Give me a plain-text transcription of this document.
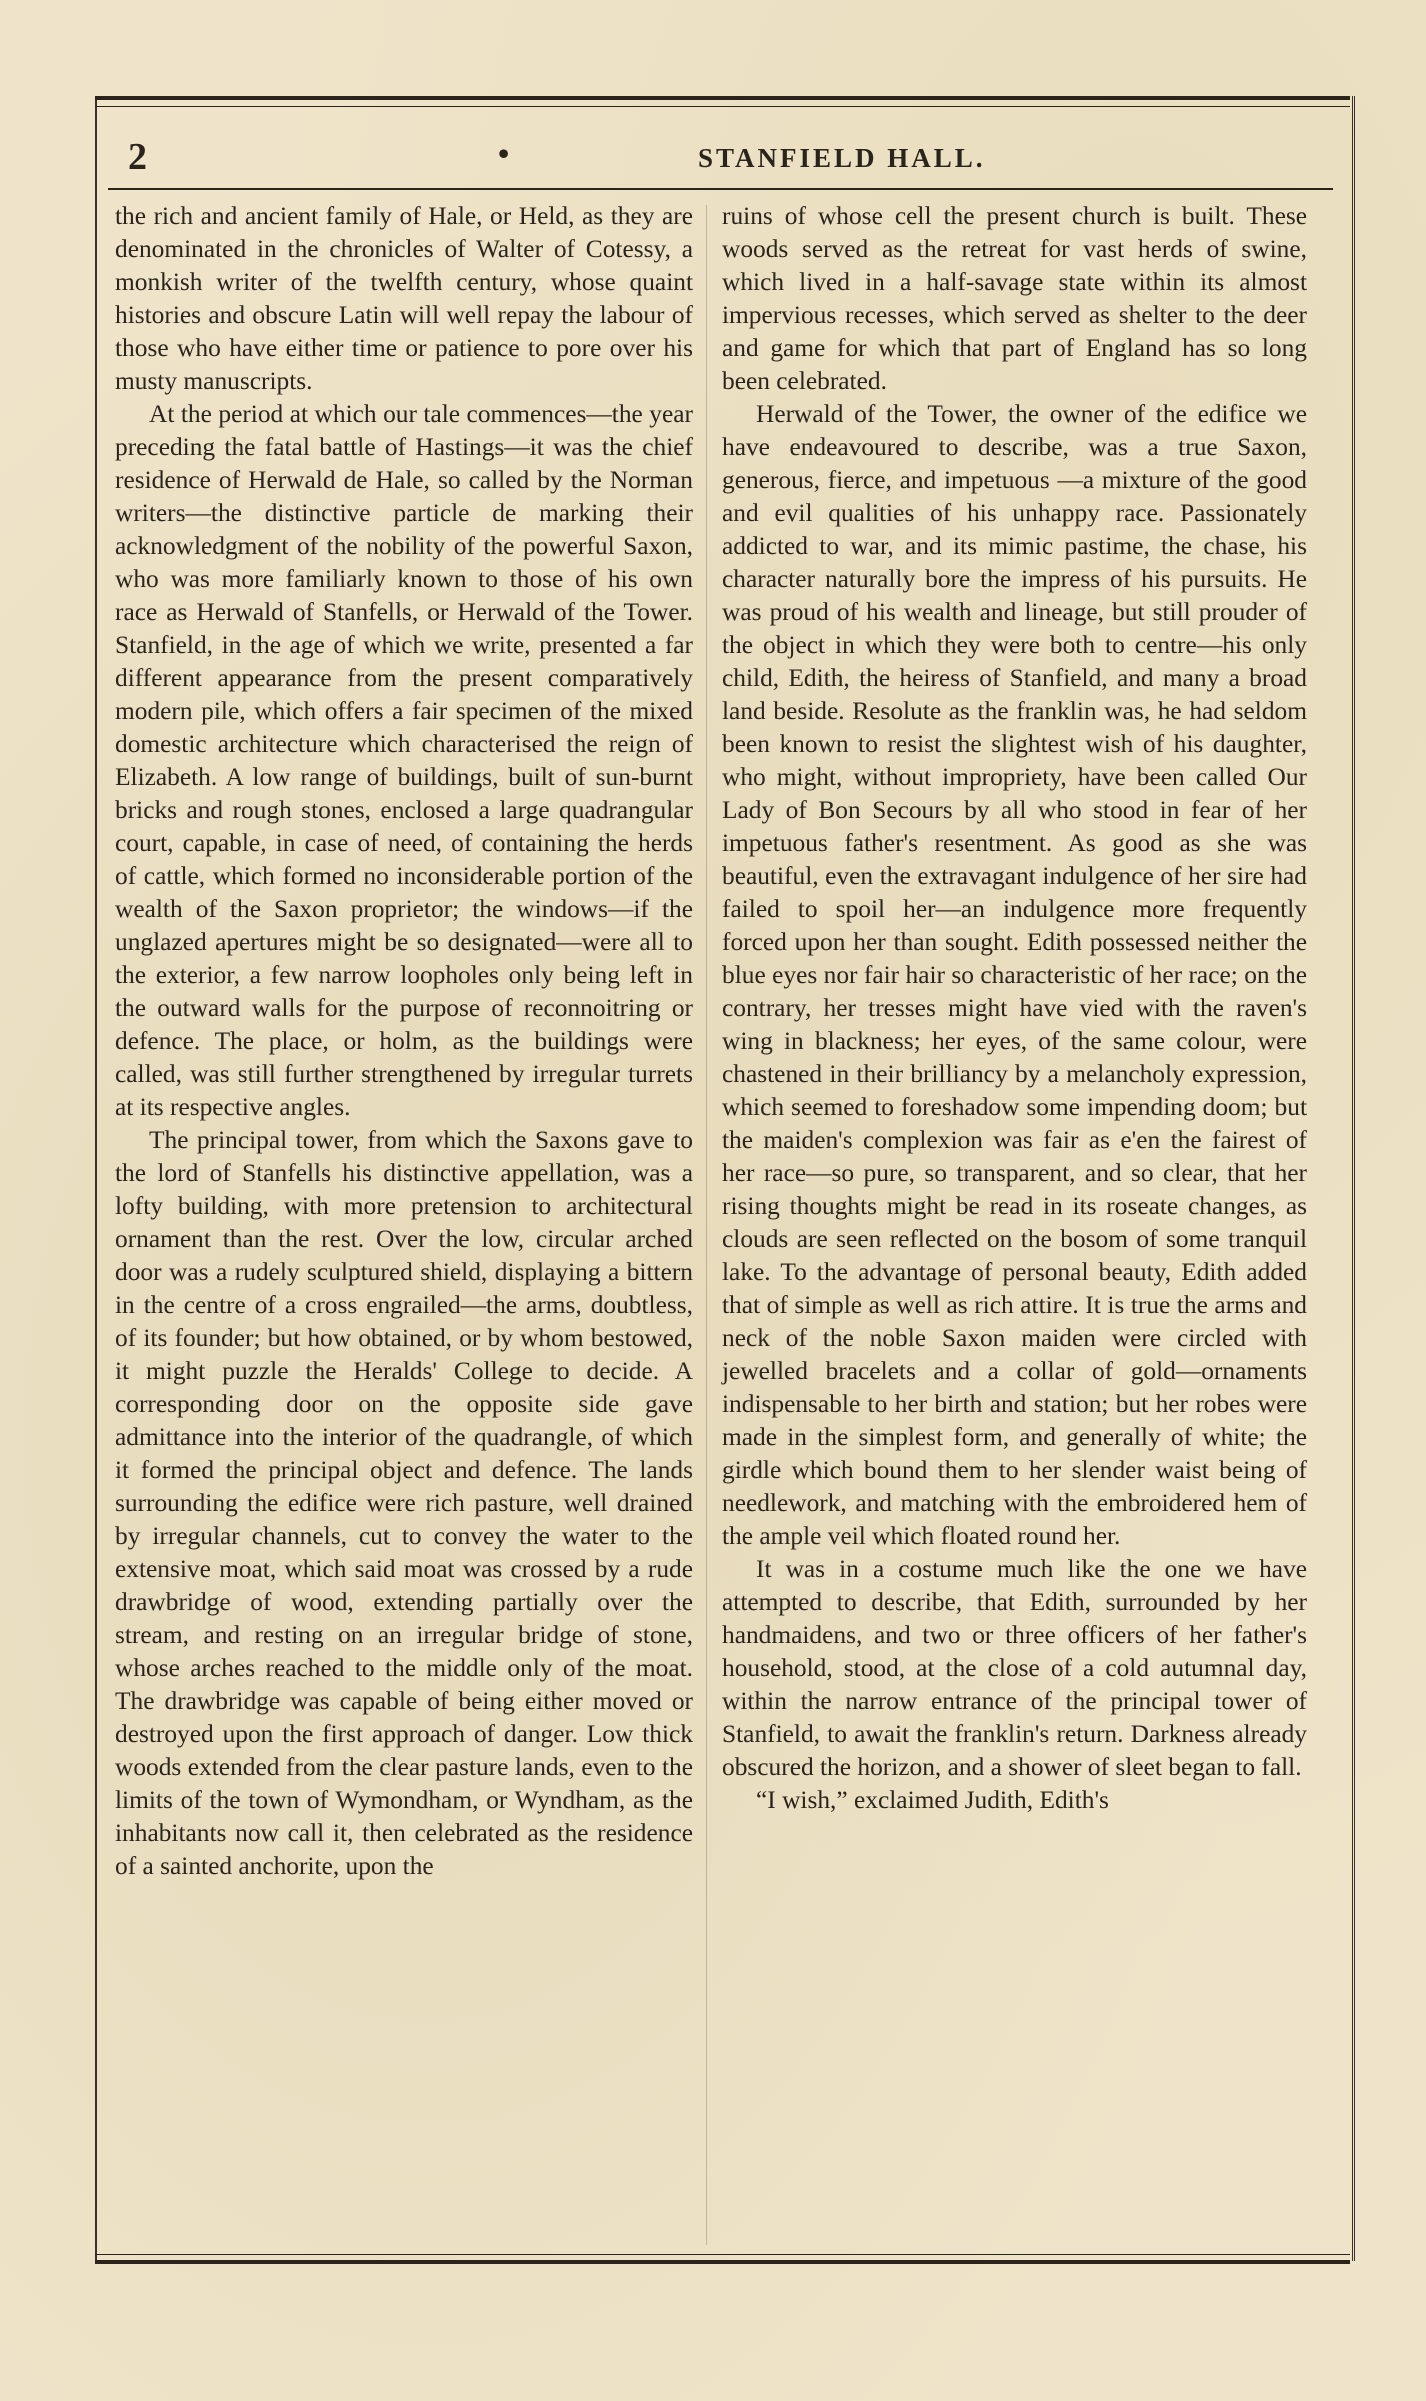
2	•	STANFIELD HALL.

the rich and ancient family of Hale, or Held, as they are denominated in the chronicles of Walter of Cotessy, a monkish writer of the twelfth century, whose quaint histories and obscure Latin will well repay the labour of those who have either time or patience to pore over his musty manuscripts.

At the period at which our tale commences—the year preceding the fatal battle of Hastings—it was the chief residence of Herwald de Hale, so called by the Norman writers—the distinctive particle de marking their acknowledgment of the nobility of the powerful Saxon, who was more familiarly known to those of his own race as Herwald of Stanfells, or Herwald of the Tower. Stanfield, in the age of which we write, presented a far different appearance from the present comparatively modern pile, which offers a fair specimen of the mixed domestic architecture which characterised the reign of Elizabeth. A low range of buildings, built of sun-burnt bricks and rough stones, enclosed a large quadrangular court, capable, in case of need, of containing the herds of cattle, which formed no inconsiderable portion of the wealth of the Saxon proprietor; the windows—if the unglazed apertures might be so designated—were all to the exterior, a few narrow loopholes only being left in the outward walls for the purpose of reconnoitring or defence. The place, or holm, as the buildings were called, was still further strengthened by irregular turrets at its respective angles.

The principal tower, from which the Saxons gave to the lord of Stanfells his distinctive appellation, was a lofty building, with more pretension to architectural ornament than the rest. Over the low, circular arched door was a rudely sculptured shield, displaying a bittern in the centre of a cross engrailed—the arms, doubtless, of its founder; but how obtained, or by whom bestowed, it might puzzle the Heralds' College to decide. A corresponding door on the opposite side gave admittance into the interior of the quadrangle, of which it formed the principal object and defence. The lands surrounding the edifice were rich pasture, well drained by irregular channels, cut to convey the water to the extensive moat, which said moat was crossed by a rude drawbridge of wood, extending partially over the stream, and resting on an irregular bridge of stone, whose arches reached to the middle only of the moat. The drawbridge was capable of being either moved or destroyed upon the first approach of danger. Low thick woods extended from the clear pasture lands, even to the limits of the town of Wymondham, or Wyndham, as the inhabitants now call it, then celebrated as the residence of a sainted anchorite, upon the

ruins of whose cell the present church is built. These woods served as the retreat for vast herds of swine, which lived in a half-savage state within its almost impervious recesses, which served as shelter to the deer and game for which that part of England has so long been celebrated.

Herwald of the Tower, the owner of the edifice we have endeavoured to describe, was a true Saxon, generous, fierce, and impetuous —a mixture of the good and evil qualities of his unhappy race. Passionately addicted to war, and its mimic pastime, the chase, his character naturally bore the impress of his pursuits. He was proud of his wealth and lineage, but still prouder of the object in which they were both to centre—his only child, Edith, the heiress of Stanfield, and many a broad land beside. Resolute as the franklin was, he had seldom been known to resist the slightest wish of his daughter, who might, without impropriety, have been called Our Lady of Bon Secours by all who stood in fear of her impetuous father's resentment. As good as she was beautiful, even the extravagant indulgence of her sire had failed to spoil her—an indulgence more frequently forced upon her than sought. Edith possessed neither the blue eyes nor fair hair so characteristic of her race; on the contrary, her tresses might have vied with the raven's wing in blackness; her eyes, of the same colour, were chastened in their brilliancy by a melancholy expression, which seemed to foreshadow some impending doom; but the maiden's complexion was fair as e'en the fairest of her race—so pure, so transparent, and so clear, that her rising thoughts might be read in its roseate changes, as clouds are seen reflected on the bosom of some tranquil lake. To the advantage of personal beauty, Edith added that of simple as well as rich attire. It is true the arms and neck of the noble Saxon maiden were circled with jewelled bracelets and a collar of gold—ornaments indispensable to her birth and station; but her robes were made in the simplest form, and generally of white; the girdle which bound them to her slender waist being of needlework, and matching with the embroidered hem of the ample veil which floated round her.

It was in a costume much like the one we have attempted to describe, that Edith, surrounded by her handmaidens, and two or three officers of her father's household, stood, at the close of a cold autumnal day, within the narrow entrance of the principal tower of Stanfield, to await the franklin's return. Darkness already obscured the horizon, and a shower of sleet began to fall.

“I wish,” exclaimed Judith, Edith's
